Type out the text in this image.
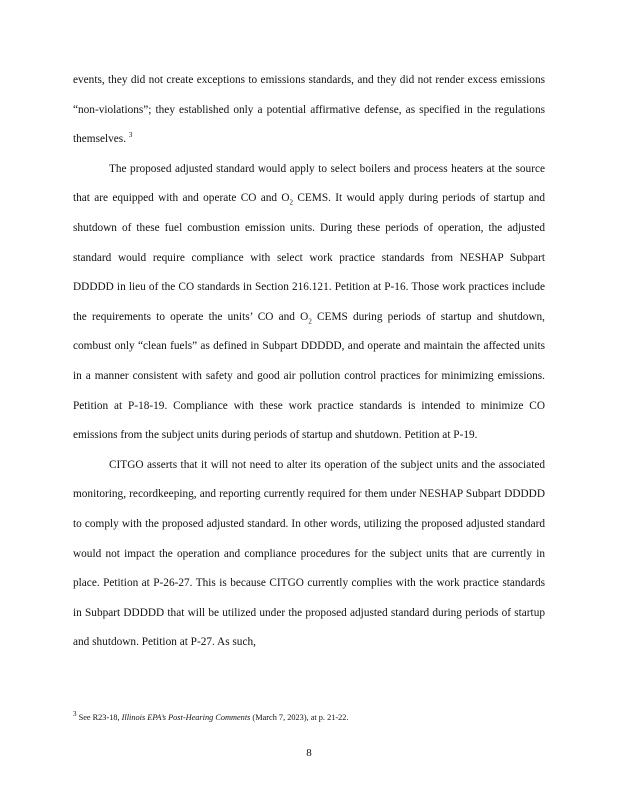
events, they did not create exceptions to emissions standards, and they did not render excess emissions “non-violations”; they established only a potential affirmative defense, as specified in the regulations themselves. $^3$

The proposed adjusted standard would apply to select boilers and process heaters at the source that are equipped with and operate CO and $O_2$ CEMS. It would apply during periods of startup and shutdown of these fuel combustion emission units. During these periods of operation, the adjusted standard would require compliance with select work practice standards from NESHAP Subpart DDDDD in lieu of the CO standards in Section 216.121. Petition at P-16. Those work practices include the requirements to operate the units’ CO and $O_2$ CEMS during periods of startup and shutdown, combust only “clean fuels” as defined in Subpart DDDDD, and operate and maintain the affected units in a manner consistent with safety and good air pollution control practices for minimizing emissions. Petition at P-18-19. Compliance with these work practice standards is intended to minimize CO emissions from the subject units during periods of startup and shutdown. Petition at P-19.

CITGO asserts that it will not need to alter its operation of the subject units and the associated monitoring, recordkeeping, and reporting currently required for them under NESHAP Subpart DDDDD to comply with the proposed adjusted standard. In other words, utilizing the proposed adjusted standard would not impact the operation and compliance procedures for the subject units that are currently in place. Petition at P-26-27. This is because CITGO currently complies with the work practice standards in Subpart DDDDD that will be utilized under the proposed adjusted standard during periods of startup and shutdown. Petition at P-27. As such,

$^3$ See R23-18, Illinois EPA’s Post-Hearing Comments (March 7, 2023), at p. 21-22.
8
